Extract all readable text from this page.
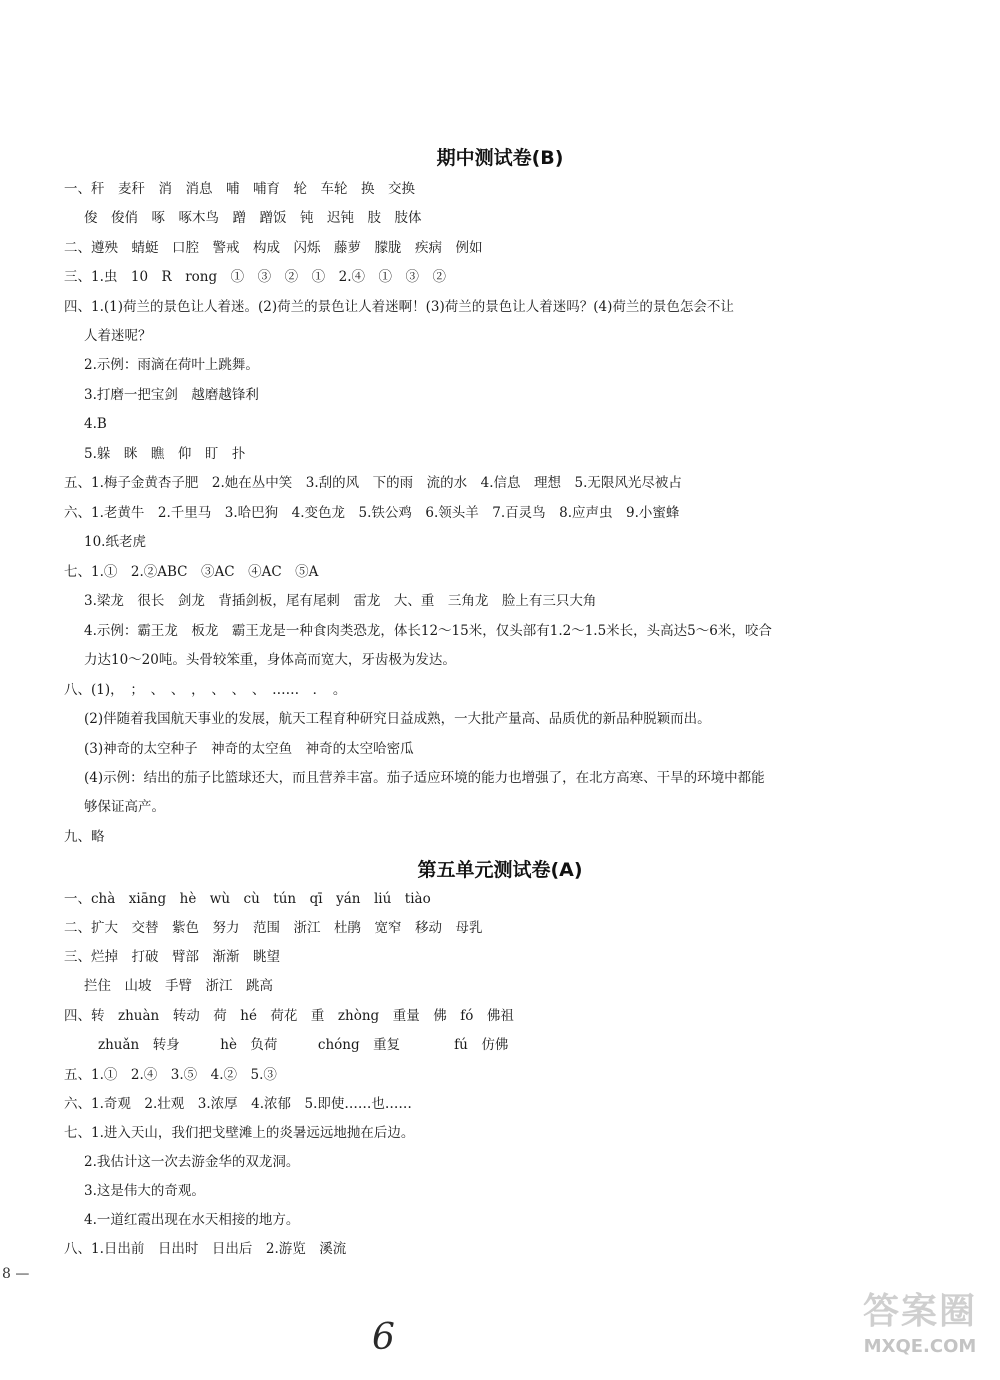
期中测试卷(B)
一、秆　麦秆　消　消息　哺　哺育　轮　车轮　换　交换
俊　俊俏　啄　啄木鸟　蹭　蹭饭　钝　迟钝　肢　肢体
二、遵殃　蜻蜓　口腔　警戒　构成　闪烁　藤萝　朦胧　疾病　例如
三、1.虫　10　R　rong　①　③　②　①　2.④　①　③　②
四、1.(1)荷兰的景色让人着迷。(2)荷兰的景色让人着迷啊！(3)荷兰的景色让人着迷吗？(4)荷兰的景色怎会不让
人着迷呢？
2.示例：雨滴在荷叶上跳舞。
3.打磨一把宝剑　越磨越锋利
4.B
5.躲　眯　瞧　仰　盯　扑
五、1.梅子金黄杏子肥　2.她在丛中笑　3.刮的风　下的雨　流的水　4.信息　理想　5.无限风光尽被占
六、1.老黄牛　2.千里马　3.哈巴狗　4.变色龙　5.铁公鸡　6.领头羊　7.百灵鸟　8.应声虫　9.小蜜蜂
10.纸老虎
七、1.①　2.②ABC　③AC　④AC　⑤A
3.梁龙　很长　剑龙　背插剑板，尾有尾刺　雷龙　大、重　三角龙　脸上有三只大角
4.示例：霸王龙　板龙　霸王龙是一种食肉类恐龙，体长12～15米，仅头部有1.2～1.5米长，头高达5～6米，咬合
力达10～20吨。头骨较笨重，身体高而宽大，牙齿极为发达。
八、(1)，　；　、　、　，　、　、　、　……　．　。
(2)伴随着我国航天事业的发展，航天工程育种研究日益成熟，一大批产量高、品质优的新品种脱颖而出。
(3)神奇的太空种子　神奇的太空鱼　神奇的太空哈密瓜
(4)示例：结出的茄子比篮球还大，而且营养丰富。茄子适应环境的能力也增强了，在北方高寒、干旱的环境中都能
够保证高产。
九、略
第五单元测试卷(A)
一、chà　xiāng　hè　wù　cù　tún　qī　yán　liú　tiào
二、扩大　交替　紫色　努力　范围　浙江　杜鹃　宽窄　移动　母乳
三、烂掉　打破　臂部　渐渐　眺望
拦住　山坡　手臂　浙江　跳高
四、转　zhuàn　转动　荷　hé　荷花　重　zhòng　重量　佛　fó　佛祖
zhuǎn　转身　　　hè　负荷　　　chóng　重复　　　　fú　仿佛
五、1.①　2.④　3.⑤　4.②　5.③
六、1.奇观　2.壮观　3.浓厚　4.浓郁　5.即使……也……
七、1.进入天山，我们把戈壁滩上的炎暑远远地抛在后边。
2.我估计这一次去游金华的双龙洞。
3.这是伟大的奇观。
4.一道红霞出现在水天相接的地方。
八、1.日出前　日出时　日出后　2.游览　溪流
8 —
6
答案圈
MXQE.COM
